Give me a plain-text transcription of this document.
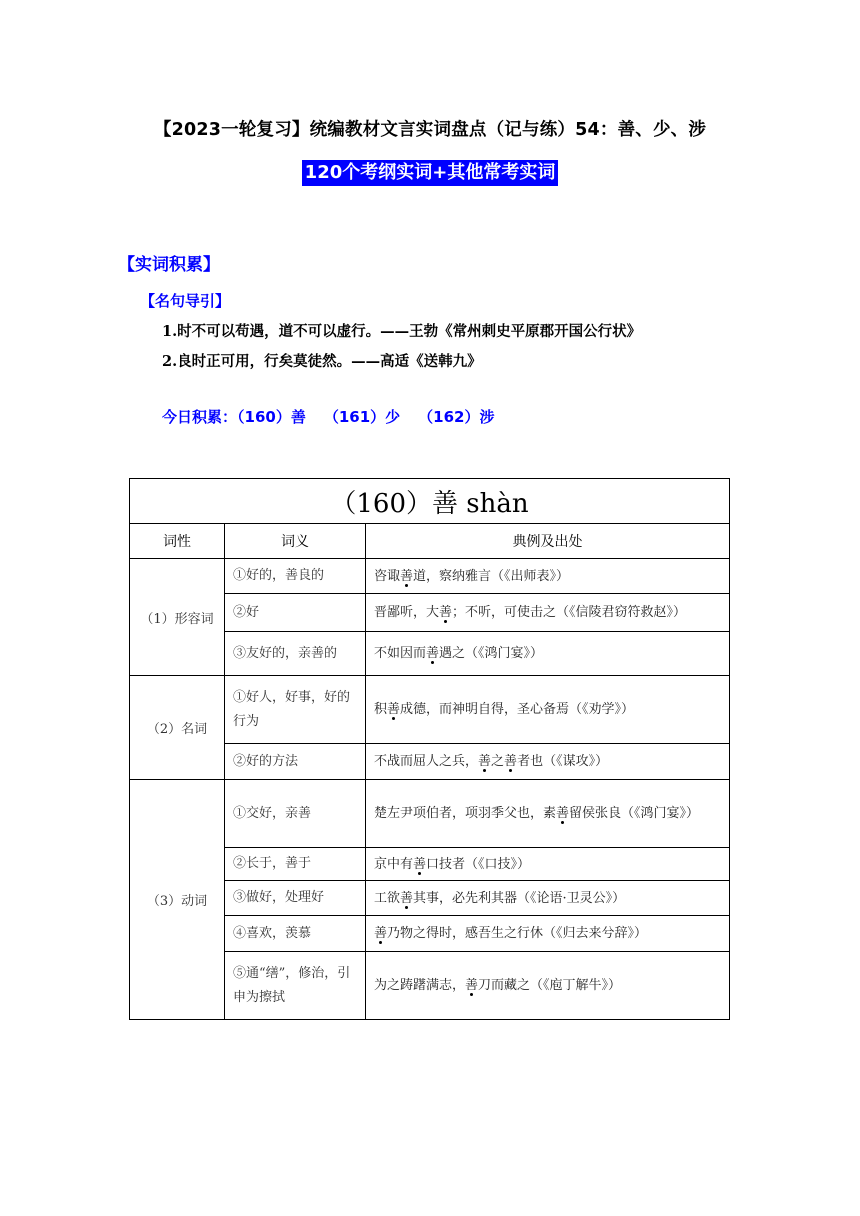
【2023一轮复习】统编教材文言实词盘点（记与练）54：善、少、涉
120个考纲实词+其他常考实词
【实词积累】
【名句导引】
1.时不可以苟遇，道不可以虚行。——王勃《常州刺史平原郡开国公行状》
2.良时正可用，行矣莫徒然。——高适《送韩九》
今日积累：（160）善 （161）少 （162）涉
（160）善 shàn		
词性	词义	典例及出处
（1）形容词	①好的，善良的	咨诹善道，察纳雅言（《出师表》）
	②好	晋鄙听，大善；不听，可使击之（《信陵君窃符救赵》）
	③友好的，亲善的	不如因而善遇之（《鸿门宴》）
（2）名词	①好人，好事，好的行为	积善成德，而神明自得，圣心备焉（《劝学》）
	②好的方法	不战而屈人之兵，善之善者也（《谋攻》）
（3）动词	①交好，亲善	楚左尹项伯者，项羽季父也，素善留侯张良（《鸿门宴》）
	②长于，善于	京中有善口技者（《口技》）
	③做好，处理好	工欲善其事，必先利其器（《论语·卫灵公》）
	④喜欢，羡慕	善乃物之得时，感吾生之行休（《归去来兮辞》）
	⑤通“缮”，修治，引申为擦拭	为之踌躇满志，善刀而藏之（《庖丁解牛》）
